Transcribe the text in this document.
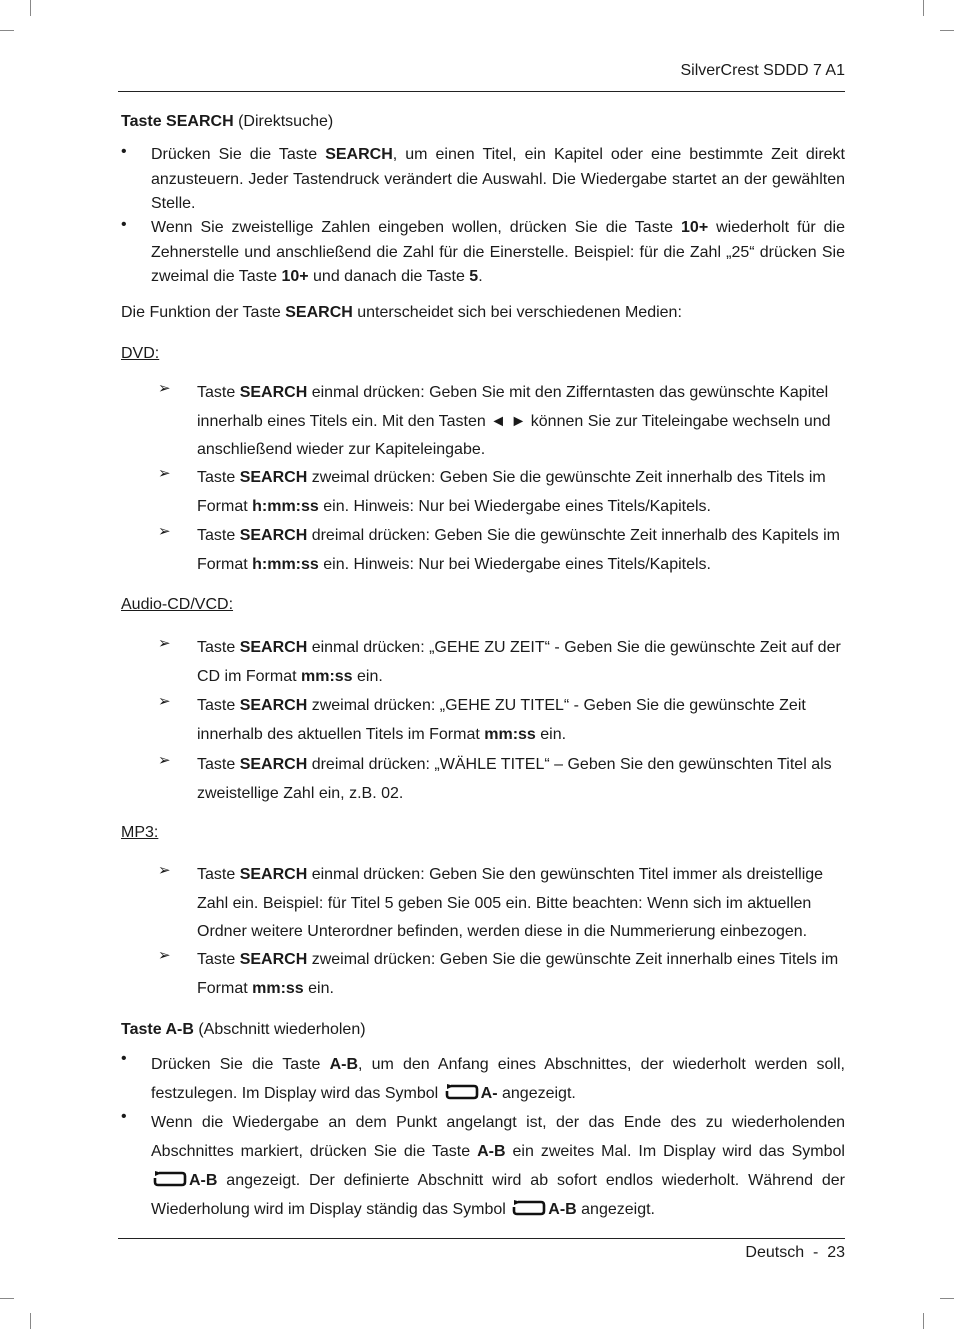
SilverCrest SDDD 7 A1
Taste SEARCH (Direktsuche)
• Drücken Sie die Taste SEARCH, um einen Titel, ein Kapitel oder eine bestimmte Zeit direkt anzusteuern. Jeder Tastendruck verändert die Auswahl. Die Wiedergabe startet an der gewählten Stelle.
• Wenn Sie zweistellige Zahlen eingeben wollen, drücken Sie die Taste 10+ wiederholt für die Zehnerstelle und anschließend die Zahl für die Einerstelle. Beispiel: für die Zahl „25“ drücken Sie zweimal die Taste 10+ und danach die Taste 5.
Die Funktion der Taste SEARCH unterscheidet sich bei verschiedenen Medien:
DVD:
➢ Taste SEARCH einmal drücken: Geben Sie mit den Zifferntasten das gewünschte Kapitel innerhalb eines Titels ein. Mit den Tasten ◄ ► können Sie zur Titeleingabe wechseln und anschließend wieder zur Kapiteleingabe.
➢ Taste SEARCH zweimal drücken: Geben Sie die gewünschte Zeit innerhalb des Titels im Format h:mm:ss ein. Hinweis: Nur bei Wiedergabe eines Titels/Kapitels.
➢ Taste SEARCH dreimal drücken: Geben Sie die gewünschte Zeit innerhalb des Kapitels im Format h:mm:ss ein. Hinweis: Nur bei Wiedergabe eines Titels/Kapitels.
Audio-CD/VCD:
➢ Taste SEARCH einmal drücken: „GEHE ZU ZEIT“ - Geben Sie die gewünschte Zeit auf der CD im Format mm:ss ein.
➢ Taste SEARCH zweimal drücken: „GEHE ZU TITEL“ - Geben Sie die gewünschte Zeit innerhalb des aktuellen Titels im Format mm:ss ein.
➢ Taste SEARCH dreimal drücken: „WÄHLE TITEL“ – Geben Sie den gewünschten Titel als zweistellige Zahl ein, z.B. 02.
MP3:
➢ Taste SEARCH einmal drücken: Geben Sie den gewünschten Titel immer als dreistellige Zahl ein. Beispiel: für Titel 5 geben Sie 005 ein. Bitte beachten: Wenn sich im aktuellen Ordner weitere Unterordner befinden, werden diese in die Nummerierung einbezogen.
➢ Taste SEARCH zweimal drücken: Geben Sie die gewünschte Zeit innerhalb eines Titels im Format mm:ss ein.
Taste A-B (Abschnitt wiederholen)
• Drücken Sie die Taste A-B, um den Anfang eines Abschnittes, der wiederholt werden soll, festzulegen. Im Display wird das Symbol A- angezeigt.
• Wenn die Wiedergabe an dem Punkt angelangt ist, der das Ende des zu wiederholenden Abschnittes markiert, drücken Sie die Taste A-B ein zweites Mal. Im Display wird das Symbol A-B angezeigt. Der definierte Abschnitt wird ab sofort endlos wiederholt. Während der Wiederholung wird im Display ständig das Symbol A-B angezeigt.
Deutsch  -  23
